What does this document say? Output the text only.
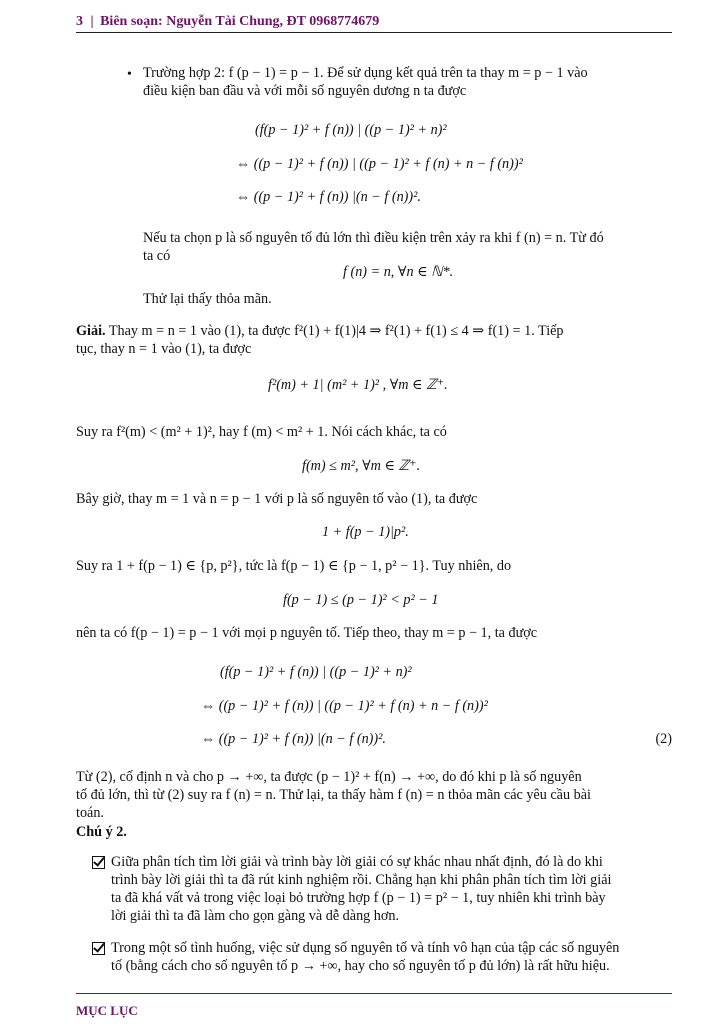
3 | Biên soạn: Nguyễn Tài Chung, ĐT 0968774679
• Trường hợp 2: f (p − 1) = p − 1. Để sử dụng kết quả trên ta thay m = p − 1 vào
điều kiện ban đầu và với mỗi số nguyên dương n ta được
(f(p − 1)² + f (n)) | ((p − 1)² + n)²
⇔ ((p − 1)² + f (n)) | ((p − 1)² + f (n) + n − f (n))²
⇔ ((p − 1)² + f (n)) |(n − f (n))².
Nếu ta chọn p là số nguyên tố đủ lớn thì điều kiện trên xảy ra khi f (n) = n. Từ đó
ta có
f (n) = n, ∀n ∈ ℕ*.
Thử lại thấy thỏa mãn.
Giải. Thay m = n = 1 vào (1), ta được f²(1) + f(1)|4 ⇒ f²(1) + f(1) ≤ 4 ⇒ f(1) = 1. Tiếp
tục, thay n = 1 vào (1), ta được
f²(m) + 1| (m² + 1)² , ∀m ∈ ℤ⁺.
Suy ra f²(m) < (m² + 1)², hay f (m) < m² + 1. Nói cách khác, ta có
f(m) ≤ m², ∀m ∈ ℤ⁺.
Bây giờ, thay m = 1 và n = p − 1 với p là số nguyên tố vào (1), ta được
1 + f(p − 1)|p².
Suy ra 1 + f(p − 1) ∈ {p, p²}, tức là f(p − 1) ∈ {p − 1, p² − 1}. Tuy nhiên, do
f(p − 1) ≤ (p − 1)² < p² − 1
nên ta có f(p − 1) = p − 1 với mọi p nguyên tố. Tiếp theo, thay m = p − 1, ta được
(f(p − 1)² + f (n)) | ((p − 1)² + n)²
⇔ ((p − 1)² + f (n)) | ((p − 1)² + f (n) + n − f (n))²
⇔ ((p − 1)² + f (n)) |(n − f (n))².	(2)
Từ (2), cố định n và cho p → +∞, ta được (p − 1)² + f(n) → +∞, do đó khi p là số nguyên
tố đủ lớn, thì từ (2) suy ra f (n) = n. Thử lại, ta thấy hàm f (n) = n thỏa mãn các yêu cầu bài
toán.
Chú ý 2.
Giữa phân tích tìm lời giải và trình bày lời giải có sự khác nhau nhất định, đó là do khi
trình bày lời giải thì ta đã rút kinh nghiệm rồi. Chẳng hạn khi phân phân tích tìm lời giải
ta đã khá vất vả trong việc loại bỏ trường hợp f (p − 1) = p² − 1, tuy nhiên khi trình bày
lời giải thì ta đã làm cho gọn gàng và dễ dàng hơn.
Trong một số tình huống, việc sử dụng số nguyên tố và tính vô hạn của tập các số nguyên
tố (bằng cách cho số nguyên tố p → +∞, hay cho số nguyên tố p đủ lớn) là rất hữu hiệu.
MỤC LỤC
